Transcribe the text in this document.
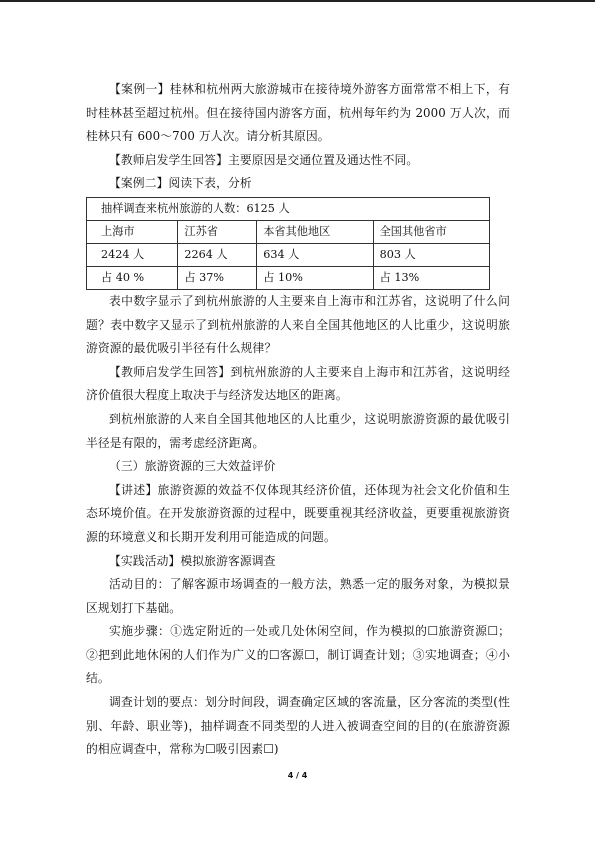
【案例一】桂林和杭州两大旅游城市在接待境外游客方面常常不相上下，有时桂林甚至超过杭州。但在接待国内游客方面，杭州每年约为 2000 万人次，而桂林只有 600～700 万人次。请分析其原因。

【教师启发学生回答】主要原因是交通位置及通达性不同。

【案例二】阅读下表，分析

抽样调查来杭州旅游的人数：6125 人			
上海市	江苏省	本省其他地区	全国其他省市
2424 人	2264 人	634 人	803 人
占 40 %	占 37%	占 10%	占 13%

表中数字显示了到杭州旅游的人主要来自上海市和江苏省，这说明了什么问题？表中数字又显示了到杭州旅游的人来自全国其他地区的人比重少，这说明旅游资源的最优吸引半径有什么规律？

【教师启发学生回答】到杭州旅游的人主要来自上海市和江苏省，这说明经济价值很大程度上取决于与经济发达地区的距离。

到杭州旅游的人来自全国其他地区的人比重少，这说明旅游资源的最优吸引半径是有限的，需考虑经济距离。

（三）旅游资源的三大效益评价

【讲述】旅游资源的效益不仅体现其经济价值，还体现为社会文化价值和生态环境价值。在开发旅游资源的过程中，既要重视其经济收益，更要重视旅游资源的环境意义和长期开发利用可能造成的问题。

【实践活动】模拟旅游客源调查

活动目的：了解客源市场调查的一般方法，熟悉一定的服务对象，为模拟景区规划打下基础。

实施步骤：①选定附近的一处或几处休闲空间，作为模拟的☐旅游资源☐；②把到此地休闲的人们作为广义的☐客源☐，制订调查计划；③实地调查；④小结。

调查计划的要点：划分时间段，调查确定区域的客流量，区分客流的类型(性别、年龄、职业等)，抽样调查不同类型的人进入被调查空间的目的(在旅游资源的相应调查中，常称为☐吸引因素☐)

4 / 4
